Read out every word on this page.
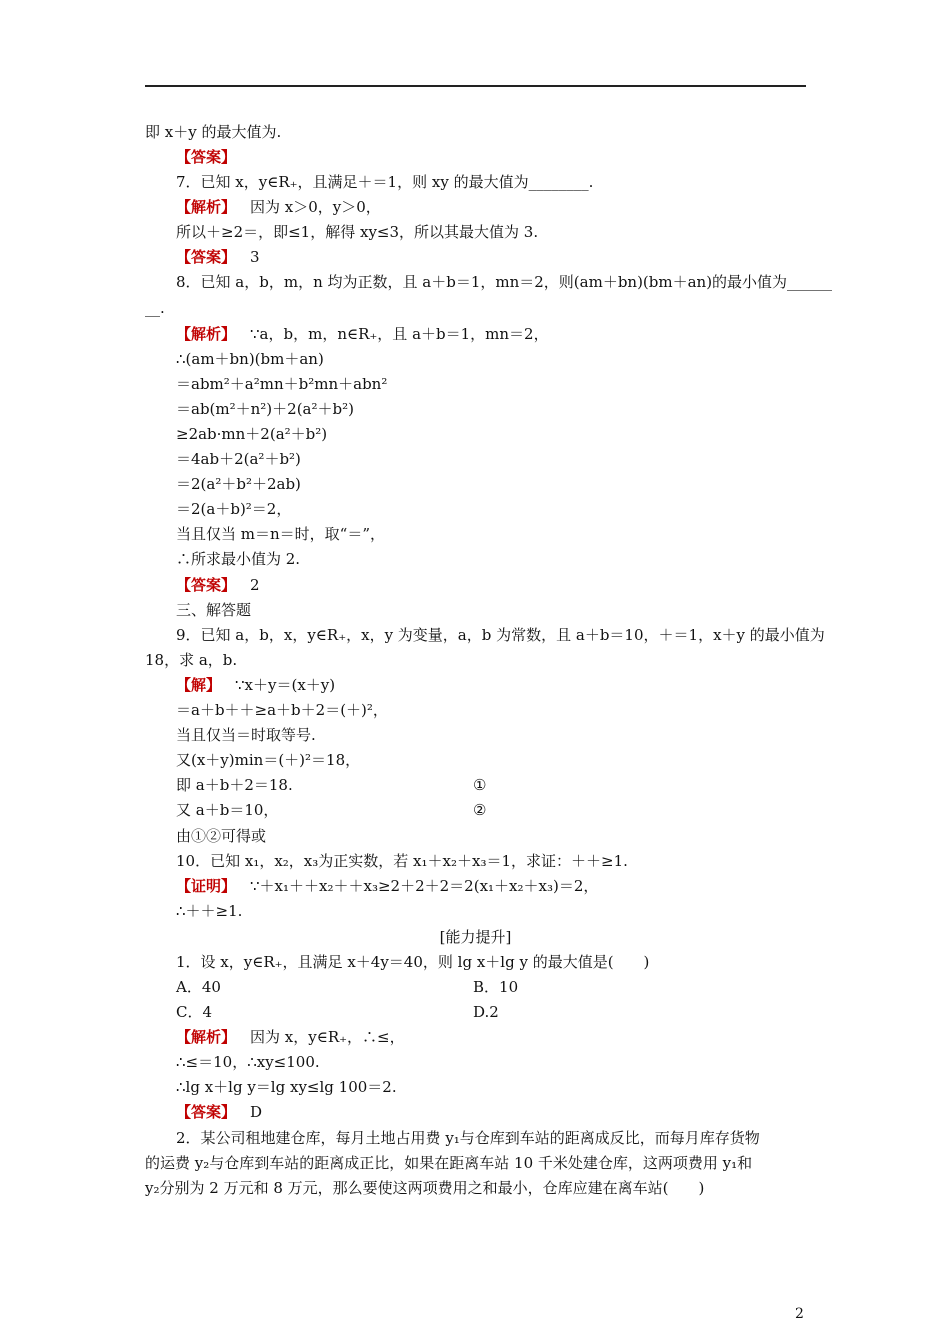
即 x＋y 的最大值为.
【答案】
7．已知 x，y∈R₊，且满足＋＝1，则 xy 的最大值为________.
【解析】 因为 x＞0，y＞0，
所以＋≥2＝，即≤1，解得 xy≤3，所以其最大值为 3.
【答案】 3
8．已知 a，b，m，n 均为正数，且 a＋b＝1，mn＝2，则(am＋bn)(bm＋an)的最小值为______
__.
【解析】 ∵a，b，m，n∈R₊，且 a＋b＝1，mn＝2，
∴(am＋bn)(bm＋an)
＝abm²＋a²mn＋b²mn＋abn²
＝ab(m²＋n²)＋2(a²＋b²)
≥2ab·mn＋2(a²＋b²)
＝4ab＋2(a²＋b²)
＝2(a²＋b²＋2ab)
＝2(a＋b)²＝2，
当且仅当 m＝n＝时，取“＝”，
∴所求最小值为 2.
【答案】 2
三、解答题
9．已知 a，b，x，y∈R₊，x，y 为变量，a，b 为常数，且 a＋b＝10，＋＝1，x＋y 的最小值为
18，求 a，b.
【解】 ∵x＋y＝(x＋y)
＝a＋b＋＋≥a＋b＋2＝(＋)²，
当且仅当＝时取等号.
又(x＋y)min＝(＋)²＝18，
即 a＋b＋2＝18.
又 a＋b＝10，
由①②可得或
10．已知 x₁，x₂，x₃为正实数，若 x₁＋x₂＋x₃＝1，求证：＋＋≥1.
【证明】 ∵＋x₁＋＋x₂＋＋x₃≥2＋2＋2＝2(x₁＋x₂＋x₃)＝2，
∴＋＋≥1.
1．设 x，y∈R₊，且满足 x＋4y＝40，则 lg x＋lg y 的最大值是(　　)
A．40
C．4
【解析】 因为 x，y∈R₊，∴≤，
∴≤＝10，∴xy≤100.
∴lg x＋lg y＝lg xy≤lg 100＝2.
【答案】 D
2．某公司租地建仓库，每月土地占用费 y₁与仓库到车站的距离成反比，而每月库存货物
的运费 y₂与仓库到车站的距离成正比，如果在距离车站 10 千米处建仓库，这两项费用 y₁和
y₂分别为 2 万元和 8 万元，那么要使这两项费用之和最小，仓库应建在离车站(　　)
①
②
B．10
D.2
[能力提升]
2
